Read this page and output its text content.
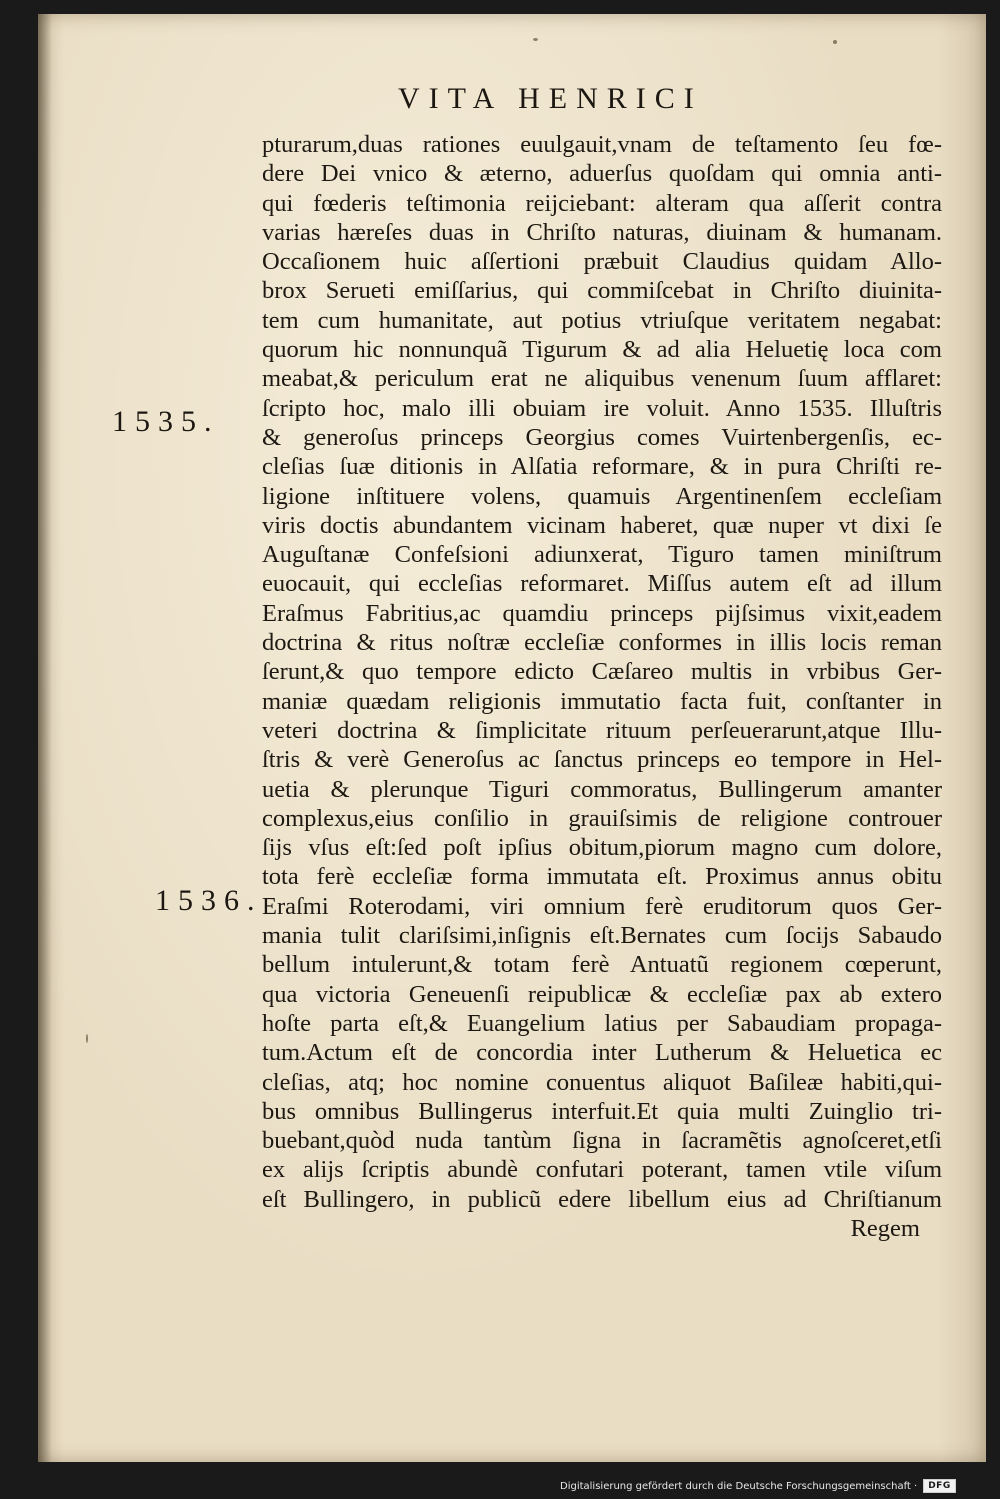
VITA HENRICI
1535.
1536.
pturarum,duas rationes euulgauit,vnam de teſtamento ſeu fœ-
dere Dei vnico & æterno, aduerſus quoſdam qui omnia anti-
qui fœderis teſtimonia reijciebant: alteram qua aſſerit contra
varias hæreſes duas in Chriſto naturas, diuinam & humanam.
Occaſionem huic aſſertioni præbuit Claudius quidam Allo-
brox Serueti emiſſarius, qui commiſcebat in Chriſto diuinita-
tem cum humanitate, aut potius vtriuſque veritatem negabat:
quorum hic nonnunquã Tigurum & ad alia Heluetię loca com
meabat,& periculum erat ne aliquibus venenum ſuum afflaret:
ſcripto hoc, malo illi obuiam ire voluit. Anno 1535. Illuſtris
& generoſus princeps Georgius comes Vuirtenbergenſis, ec-
cleſias ſuæ ditionis in Alſatia reformare, & in pura Chriſti re-
ligione inſtituere volens, quamuis Argentinenſem eccleſiam
viris doctis abundantem vicinam haberet, quæ nuper vt dixi ſe
Auguſtanæ Confeſsioni adiunxerat, Tiguro tamen miniſtrum
euocauit, qui eccleſias reformaret. Miſſus autem eſt ad illum
Eraſmus Fabritius,ac quamdiu princeps pijſsimus vixit,eadem
doctrina & ritus noſtræ eccleſiæ conformes in illis locis reman
ſerunt,& quo tempore edicto Cæſareo multis in vrbibus Ger-
maniæ quædam religionis immutatio facta fuit, conſtanter in
veteri doctrina & ſimplicitate rituum perſeuerarunt,atque Illu-
ſtris & verè Generoſus ac ſanctus princeps eo tempore in Hel-
uetia & plerunque Tiguri commoratus, Bullingerum amanter
complexus,eius conſilio in grauiſsimis de religione controuer
ſijs vſus eſt:ſed poſt ipſius obitum,piorum magno cum dolore,
tota ferè eccleſiæ forma immutata eſt. Proximus annus obitu
Eraſmi Roterodami, viri omnium ferè eruditorum quos Ger-
mania tulit clariſsimi,inſignis eſt.Bernates cum ſocijs Sabaudo
bellum intulerunt,& totam ferè Antuatũ regionem cœperunt,
qua victoria Geneuenſi reipublicæ & eccleſiæ pax ab extero
hoſte parta eſt,& Euangelium latius per Sabaudiam propaga-
tum.Actum eſt de concordia inter Lutherum & Heluetica ec
cleſias, atq; hoc nomine conuentus aliquot Baſileæ habiti,qui-
bus omnibus Bullingerus interfuit.Et quia multi Zuinglio tri-
buebant,quòd nuda tantùm ſigna in ſacramẽtis agnoſceret,etſi
ex alijs ſcriptis abundè confutari poterant, tamen vtile viſum
eſt Bullingero, in publicũ edere libellum eius ad Chriſtianum
Regem
Digitalisierung gefördert durch die Deutsche Forschungsgemeinschaft ·	DFG
